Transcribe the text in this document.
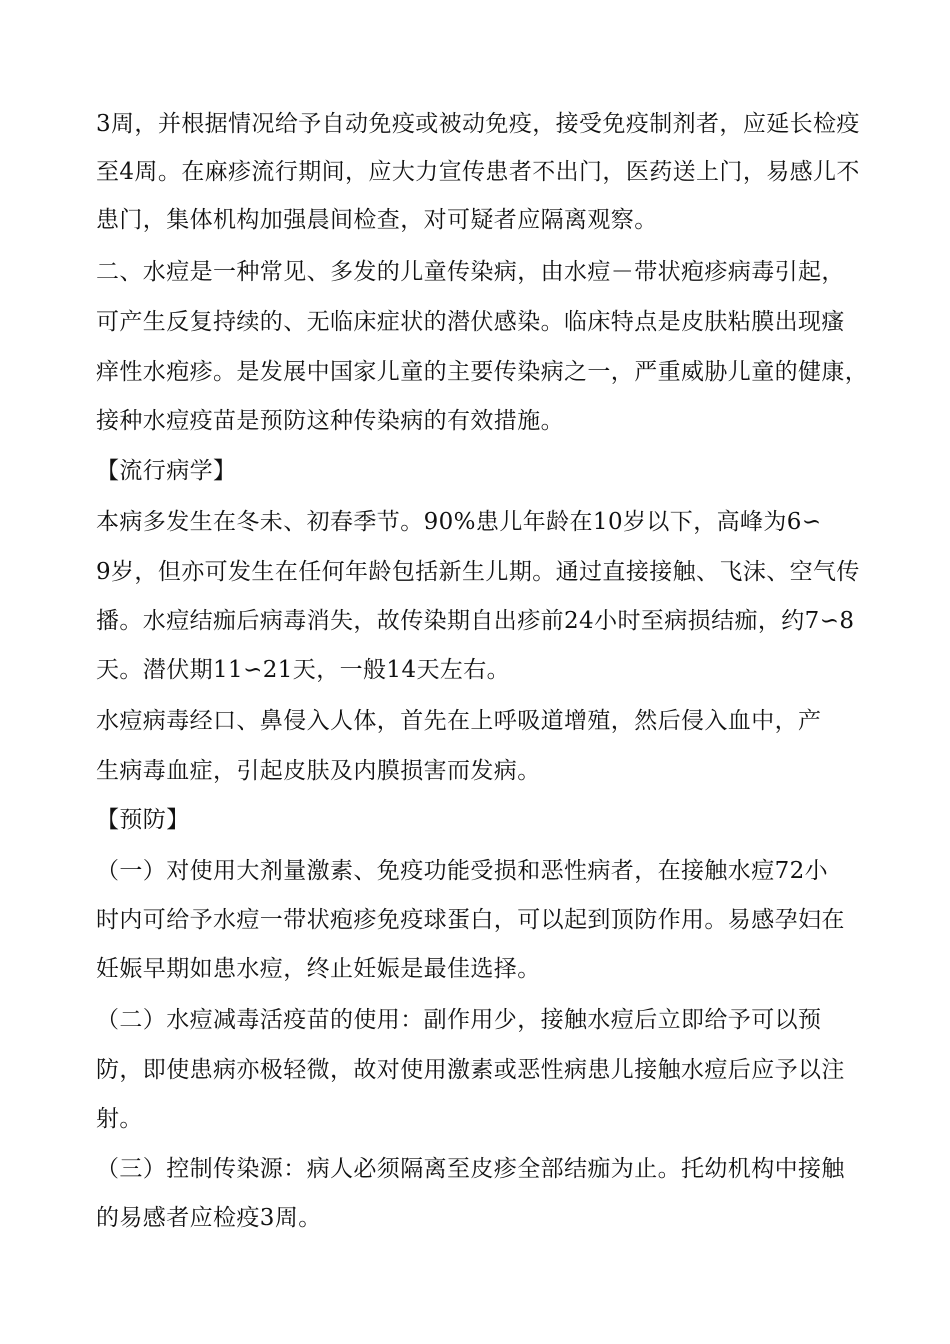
3周，并根据情况给予自动免疫或被动免疫，接受免疫制剂者，应延长检疫
至4周。在麻疹流行期间，应大力宣传患者不出门，医药送上门，易感儿不
患门，集体机构加强晨间检查，对可疑者应隔离观察。
二、水痘是一种常见、多发的儿童传染病，由水痘－带状疱疹病毒引起，
可产生反复持续的、无临床症状的潜伏感染。临床特点是皮肤粘膜出现瘙
痒性水疱疹。是发展中国家儿童的主要传染病之一，严重威胁儿童的健康，
接种水痘疫苗是预防这种传染病的有效措施。
【流行病学】
本病多发生在冬未、初春季节。90%患儿年龄在10岁以下，高峰为6∽
9岁，但亦可发生在任何年龄包括新生儿期。通过直接接触、飞沫、空气传
播。水痘结痂后病毒消失，故传染期自出疹前24小时至病损结痂，约7∽8
天。潜伏期11∽21天，一般14天左右。
水痘病毒经口、鼻侵入人体，首先在上呼吸道增殖，然后侵入血中，产
生病毒血症，引起皮肤及内膜损害而发病。
【预防】
（一）对使用大剂量激素、免疫功能受损和恶性病者，在接触水痘72小
时内可给予水痘一带状疱疹免疫球蛋白，可以起到顶防作用。易感孕妇在
妊娠早期如患水痘，终止妊娠是最佳选择。
（二）水痘减毒活疫苗的使用：副作用少，接触水痘后立即给予可以预
防，即使患病亦极轻微，故对使用激素或恶性病患儿接触水痘后应予以注
射。
（三）控制传染源：病人必须隔离至皮疹全部结痂为止。托幼机构中接触
的易感者应检疫3周。
